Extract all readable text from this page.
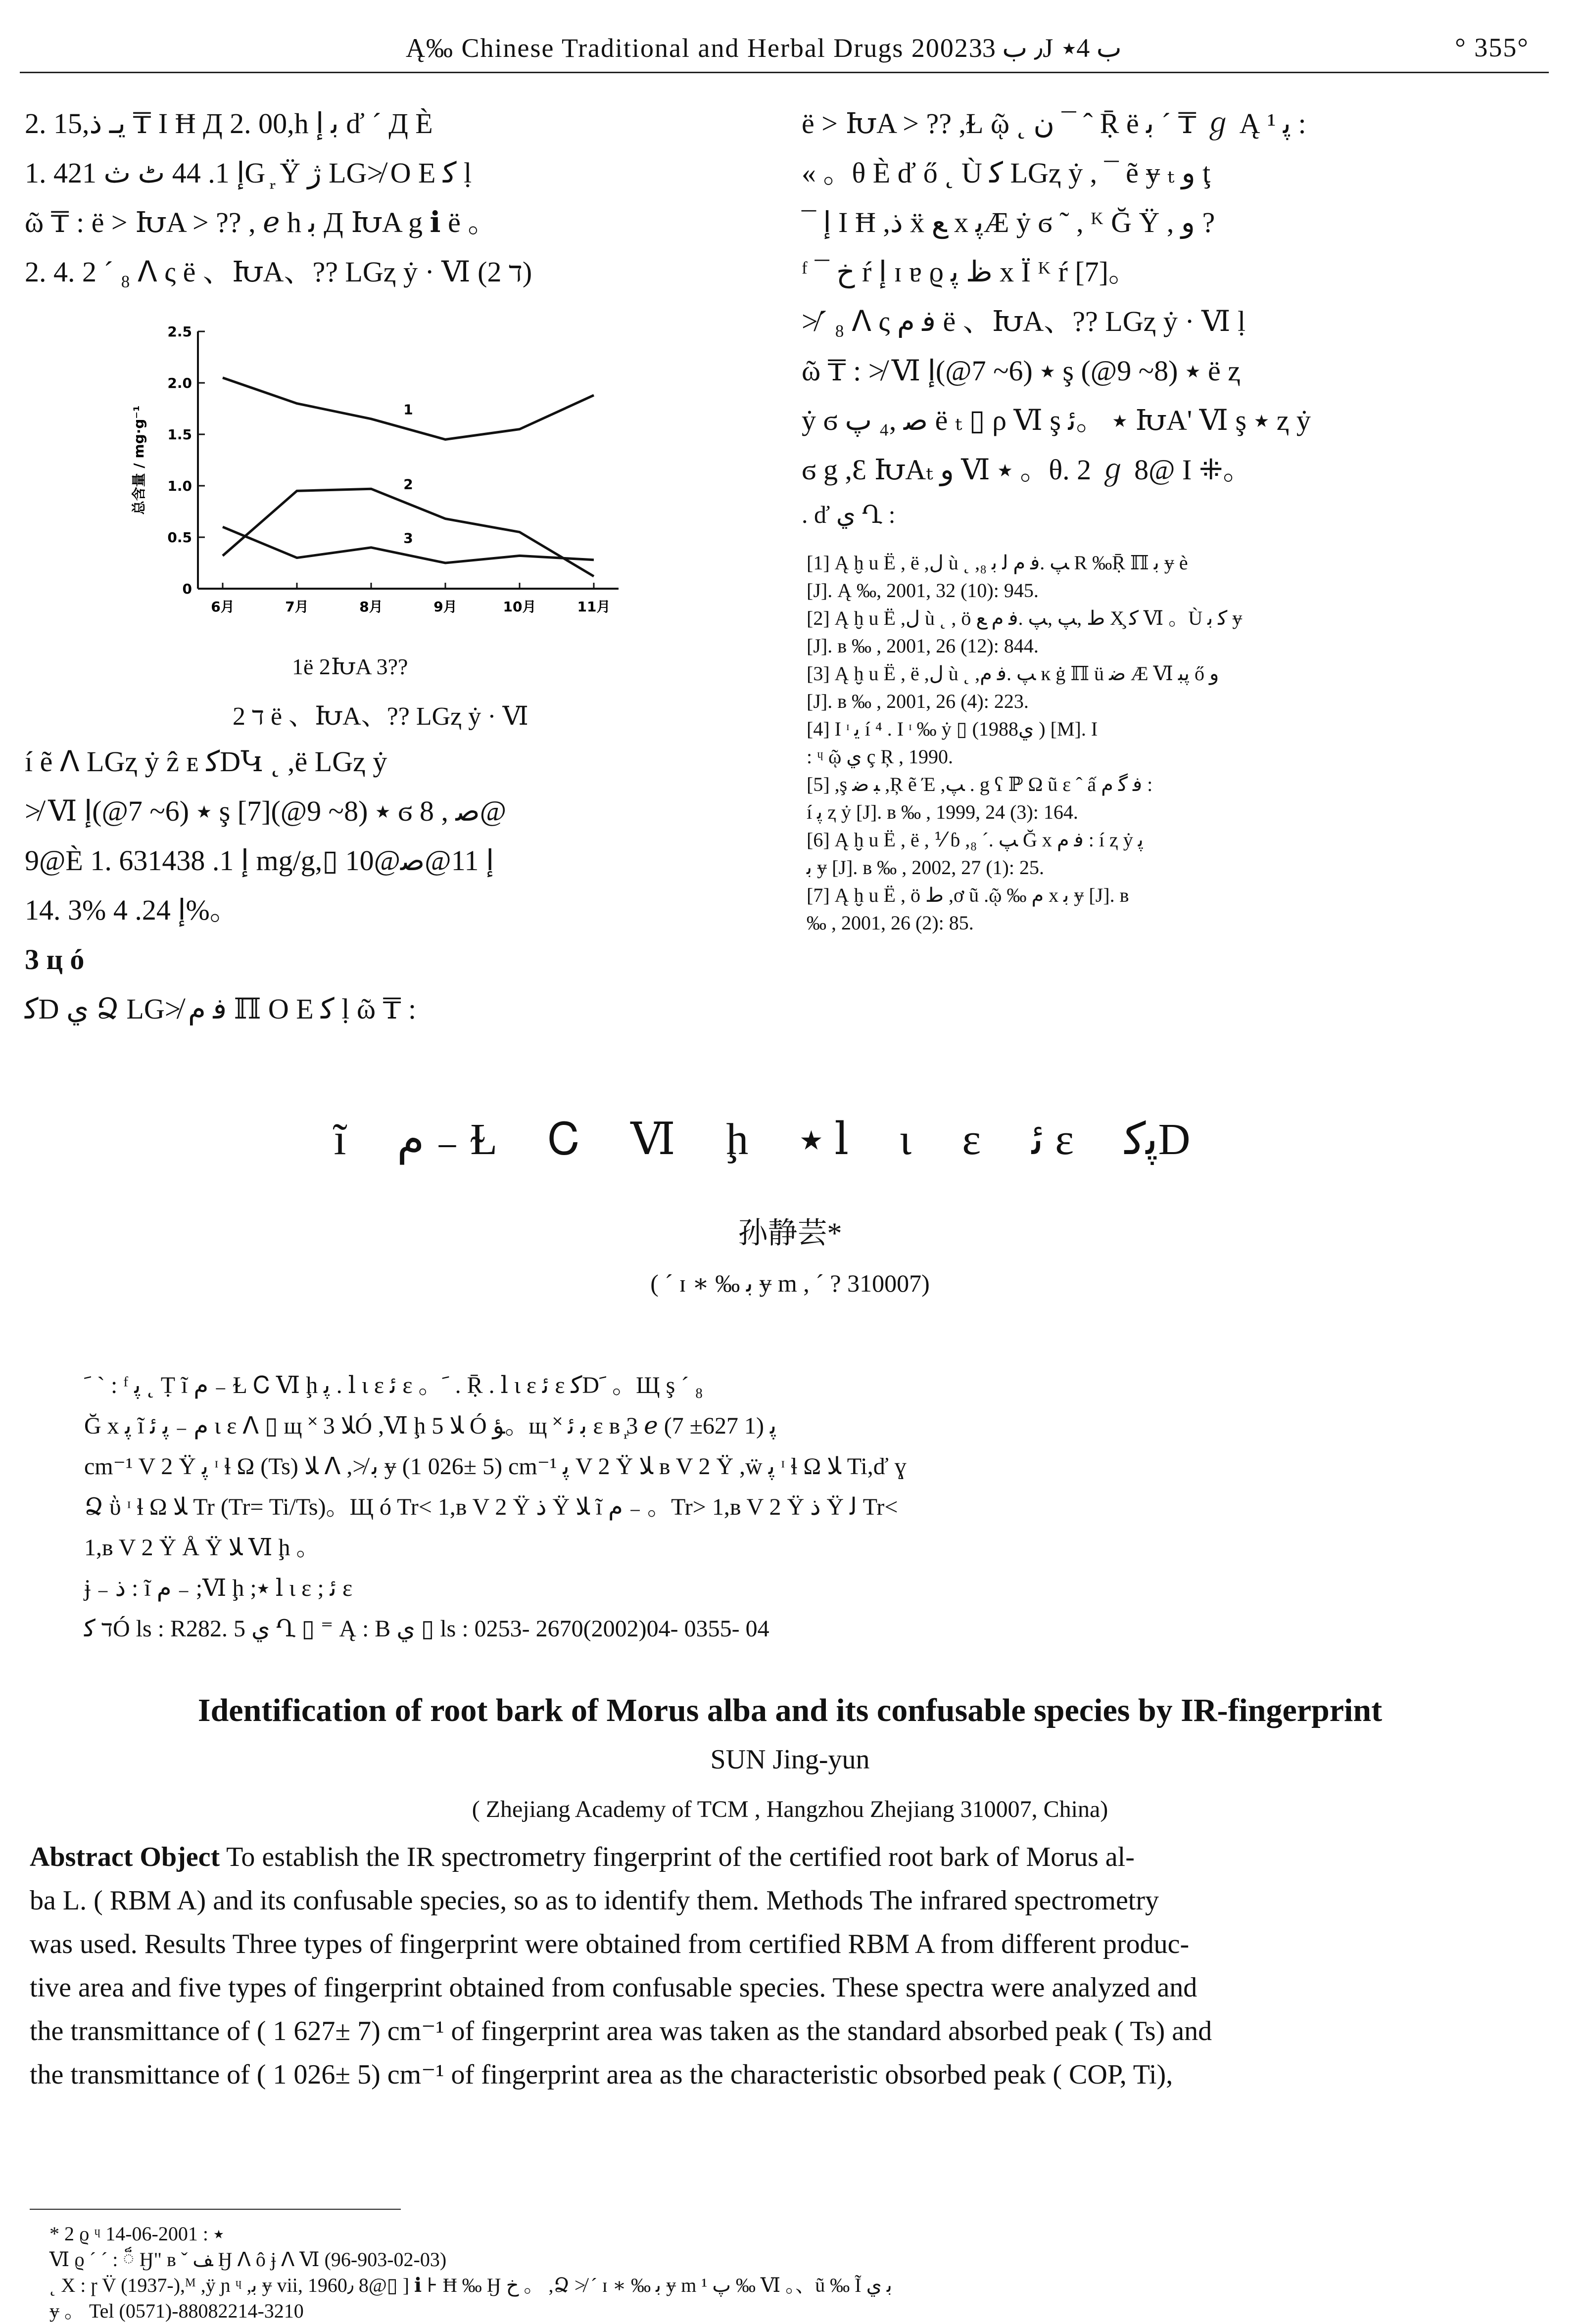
Ą‰ Chinese Traditional and Herbal Drugs 2002٫ ب 33Ј ب 4٭	° 355°

2. 15,يـ ذ ₸ I Ħ Д 2. 00,h ﺑ ﺇ ď ´ Д È

1. 42ﺇ 1. 44 ﭦ ﺙ 1G ᷊ Ÿ ژ LG≯ O E ﮐ ḷ

ῶ ₸ : ë > ԽA > ?? , ℯ h ﺑ Д ԽA g ℹ ë 。

2. 4. 2 ´ ₈ ᐱ ς ë 、ԽA、?? LGⱬ ẏ · Ⅵ (ד 2)

0
0.5
1.0
1.5
2.0
2.5
6月	7月	8月	9月	10月	11月
总含量 / mg·g⁻¹	1
2
3
1ë 2ԽA 3??
ד 2 ë 、ԽA、?? LGⱬ ẏ · Ⅵ

í ẽ ᐱ LGⱬ ẏ ẑ ᴇ ﮐDԿ ˛ ,ë LGⱬ ẏ

≯ Ⅵ ٭ (6~ 7@)ﺇ ş ٭ (8~ 9@)[7] ϭ ﺻ , 8@

9@È 1. 631ﺇ 1. 438 mg/g,▯ 10@ﺇ 11@ﺻ

14. 3% ﺇ 24. 4%。

3 ц ó

ﮐD ﻱ Ձ LG≯ ﻓ ﻡ ℿ O E ﮐ ḷ ῶ ₸ :

ë > ԽA > ?? ,Ɫ ῷ ˛ ﻥ ¯ ˆ Ṝ ë ﺑ ´ ₸ ℊ Ą ﭘ ¹ :

« 。θ È ď ő ˛ Ù ﮐ LGⱬ ẏ , ¯ ẽ ɏ ₜ ﻭ ţ

¯ ﺇ I Ħ ,ذ ẍ ﻊ x ﭘÆ ẏ ϭ ˜ , ᴷ Ğ Ÿ , ﻭ ?

ᶠ ¯ خ ŕ ﺇ ɪ ɐ ϱ ظ ﭘ x Ï ᴷ ŕ [7]。

≯´ ₈ ᐱ ς ﻓ ﻡ ë 、ԽA、?? LGⱬ ẏ · Ⅵ ḷ

ῶ ₸ : ≯ Ⅵ ٭ (6~ 7@)ﺇ ş ٭ (8~ 9@) ë ⱬ

ẏ ϭ ﺻ ,₄ ﭖ ë ₜ ▯ ρ Ⅵ ş ٭ 。ﺋ ԽA' Ⅵ ş ٭ ⱬ ẏ

ϭ g ,Ԑ ԽAₜ ﻭ Ⅵ ٭ 。θ. 2 ℊ 8@ I ⁜。

. ď ﻱ Ղ :

[1] Ą ḫ u Ë , ë ,ﻝ ù ˛ ,ﭗ .ﻓ ﻡ ﻟ ﺑ ₈ R ‰Ṝ ℿ ﺑ ɏ è
[J]. Ą ‰, 2001, 32 (10): 945.
[2] Ą ḫ u Ë ,ﻝ ù ˛ , ö ﻁ ,ﭗ ,ﭗ .ﻓ ﻡ ﻊ X̧ ﮐ Ⅵ 。Ù ﮐ ﺑ ɏ
[J]. ʙ ‰ , 2001, 26 (12): 844.
[3] Ą ḫ u Ë , ë ,ﻝ ù ˛ ,ﭗ .ﻓ ﻡ ĸ ġ ℿ ü ﺿ Æ Ⅵ ﭘﺒ ő ﻭ
[J]. ʙ ‰ , 2001, 26 (4): 223.
[4] I ᶦ ﻳ í ⁴ . I ᶦ ‰ ẏ ▯ (1988ﻱ ) [M]. I
: ᶣ ῷ ﻱ ç Ŗ , 1990.
[5] ,ş ﺒ ﺿ ,Ŗ ẽ Έ ,ﭗ . g ʕ ℙ Ω ũ ɛ ˆ ấ ﻓ ﮔ ﻡ :
í ﭘ ⱬ ẏ [J]. ʙ ‰ , 1999, 24 (3): 164.
[6] Ą ḫ u Ë , ë , ⅟ ɓ ,ﭗ .´ ₈ Ğ x ﻓ ﻡ : í ⱬ ẏ ﭘ
ﺑ ɏ [J]. ʙ ‰ , 2002, 27 (1): 25.
[7] Ą ḫ u Ë , ö ﻁ ,ơ ũ .ῷ ‰ ﻡ x ﺑ ɏ [J]. ʙ
‰ , 2001, 26 (2): 85.
ĩ ﻡ ₋ Ɫ Ꮯ Ⅵ ḩ ٭ ⅼ ɩ ɛ ﺋ ɛ ﭘﮐD
孙静芸*
( ´ ɪ ∗ ‰ ﺑ ɏ m , ´ ? 310007)
ﹶ ˋ : ᶠ ﭘ ˛ Ṭ ĩ ﻡ ₋ Ɫ Ꮯ Ⅵ ḩ ﭘ . ⅼ ɩ ɛ ﺋ ɛ 。ﹶ . Ṝ . ⅼ ɩ ɛ ﺋ ɛ ﮐDﹶ 。Щ ş ´ ₈
Ğ x ﭘ ĩ ﻡ ₋ ﭘ ﺋ ɩ ɛ ᐱ ▯ щ ˟ ﻼ 3Ó ,Ⅵ ḩ ﻼ 5 Ó ﺆ。щ ˟ ﺑ ﺋ ɛ ʙ ᷊3 ℯ ﭘ (1 627± 7)
cm⁻¹ V 2 Ÿ ﭘ ᶦ ɬ Ω (Ts) ﻼ ᐱ ,≯ ﺑ ɏ (1 026± 5) cm⁻¹ ﭘ V 2 Ÿ ﻼ ʙ V 2 Ÿ ,ẅ ﭘ ᶦ ɬ Ω ﻼ Ti,ď ɣ
Ձ ῢ ᶦ ɬ Ω ﻼ Tr (Tr= Ti/Ts)。Щ ó Tr< 1,ʙ V 2 Ÿ ذ Ÿ ﻼ ĩ ﻡ ₋ 。Tr> 1,ʙ V 2 Ÿ ذ Ÿ ﻟ Tr<
1,ʙ V 2 Ÿ Å Ÿ ﻼ Ⅵ ḩ 。
ɉ ₋ ذ : ĩ ﻡ ₋ ;Ⅵ ḩ ;٭ ⅼ ɩ ɛ ; ﺋ ɛ
ד ﮐÓ ls : R282. 5 ﻱ Ղ ▯ ⁼ Ą : B ﻱ ▯ ls : 0253- 2670(2002)04- 0355- 04
Identification of root bark of Morus alba and its confusable species by IR-fingerprint
SUN Jing-yun
( Zhejiang Academy of TCM , Hangzhou Zhejiang 310007, China)
Abstract Object To establish the IR spectrometry fingerprint of the certified root bark of Morus al-
ba L. ( RBM A) and its confusable species, so as to identify them. Methods The infrared spectrometry
was used. Results Three types of fingerprint were obtained from certified RBM A from different produc-
tive area and five types of fingerprint obtained from confusable species. These spectra were analyzed and
the transmittance of ( 1 627± 7) cm⁻¹ of fingerprint area was taken as the standard absorbed peak ( Ts) and
the transmittance of ( 1 026± 5) cm⁻¹ of fingerprint area as the characteristic obsorbed peak ( COP, Ti),
* 2 ϱ ᶣ ٭ : 2001-06-14
Ⅵ ϱ ´ ´ : ៏ Ӈ" ʙ ˇ ﻒ Ӈ ᐱ ô ɉ ᐱ Ⅵ (96-903-02-03)
˛ X : ɼ V̈ (1937-),ᴹ ,ÿ ɲ ᶣ ,ﺑ ɏ vii, 1960٫ 8@▯ ] ℹ ⊦ Ħ ‰ Ӈ خ 。 ,Ձ ≯ ´ ɪ ∗ ‰ ﺑ ɏ m ﭖ ¹ ‰ Ⅵ 。、ũ ‰ Ĩ ﺑ ﻱ
ɏ 。 Tel (0571)-88082214-3210
